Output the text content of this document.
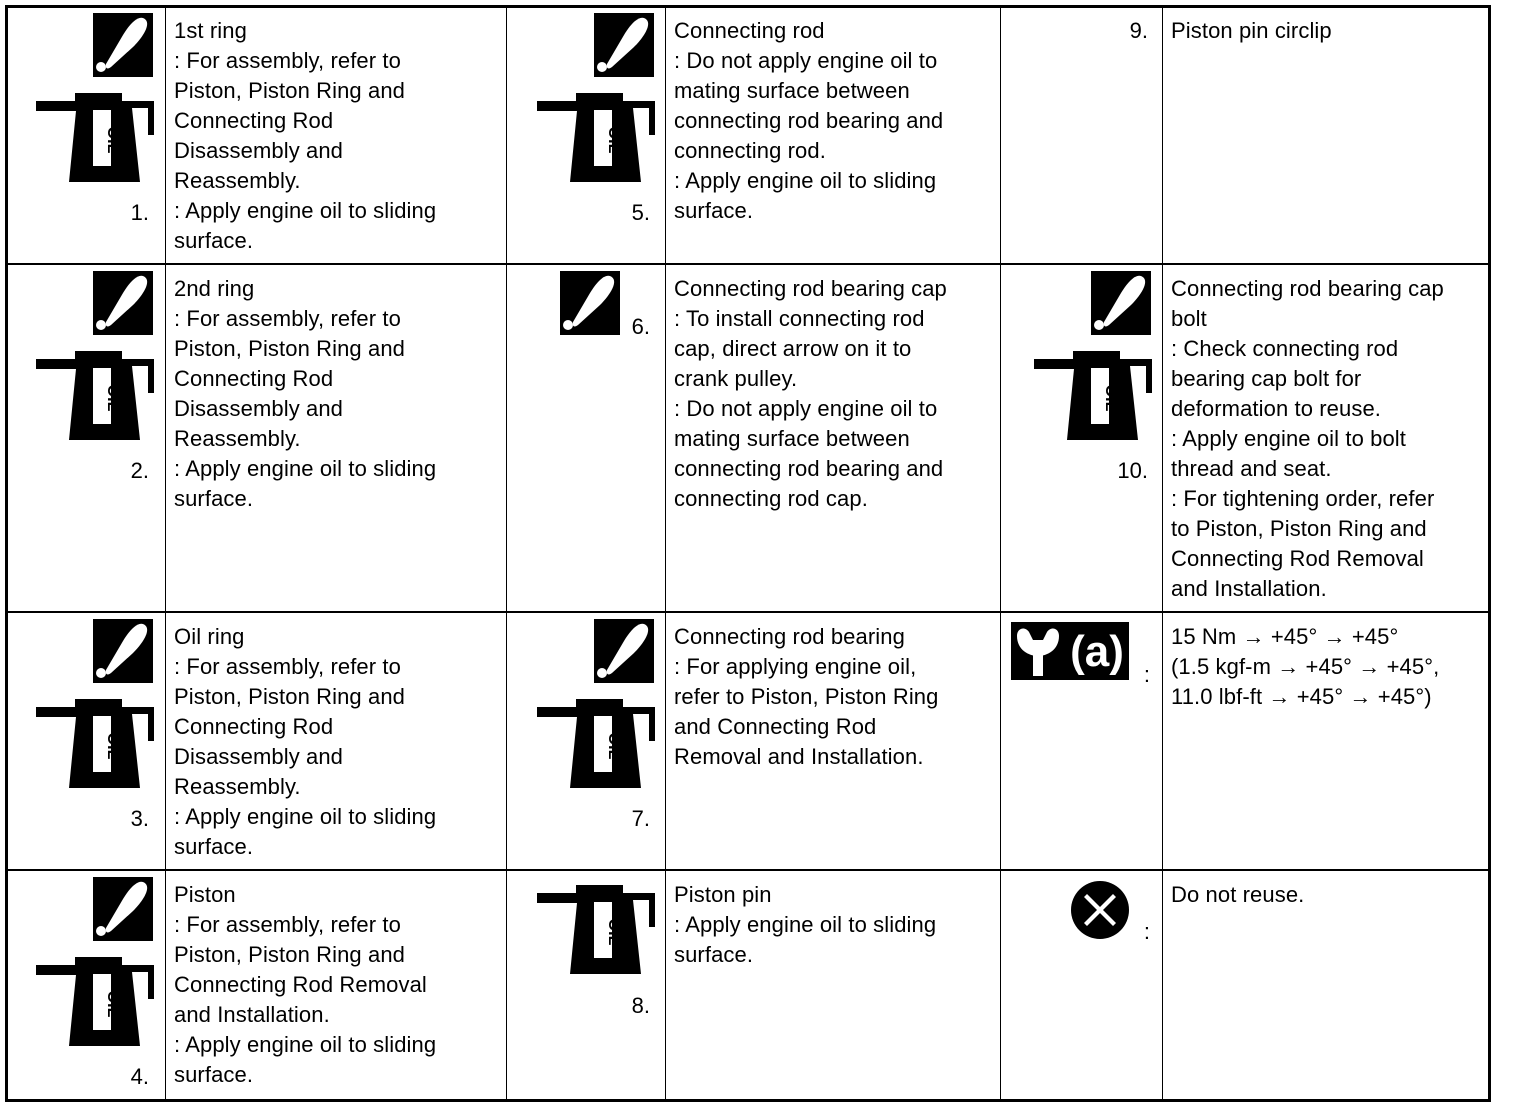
OIL
1.
1st ring
: For assembly, refer to
Piston, Piston Ring and
Connecting Rod
Disassembly and
Reassembly.
: Apply engine oil to sliding
surface.
OIL
2.
2nd ring
: For assembly, refer to
Piston, Piston Ring and
Connecting Rod
Disassembly and
Reassembly.
: Apply engine oil to sliding
surface.
OIL
3.
Oil ring
: For assembly, refer to
Piston, Piston Ring and
Connecting Rod
Disassembly and
Reassembly.
: Apply engine oil to sliding
surface.
OIL
4.
Piston
: For assembly, refer to
Piston, Piston Ring and
Connecting Rod Removal
and Installation.
: Apply engine oil to sliding
surface.
OIL
5.
Connecting rod
: Do not apply engine oil to
mating surface between
connecting rod bearing and
connecting rod.
: Apply engine oil to sliding
surface.
6.
Connecting rod bearing cap
: To install connecting rod
cap, direct arrow on it to
crank pulley.
: Do not apply engine oil to
mating surface between
connecting rod bearing and
connecting rod cap.
OIL
7.
Connecting rod bearing
: For applying engine oil,
refer to Piston, Piston Ring
and Connecting Rod
Removal and Installation.
OIL
8.
Piston pin
: Apply engine oil to sliding
surface.
9. Piston pin circlip
OIL
10.
Connecting rod bearing cap
bolt
: Check connecting rod
bearing cap bolt for
deformation to reuse.
: Apply engine oil to bolt
thread and seat.
: For tightening order, refer
to Piston, Piston Ring and
Connecting Rod Removal
and Installation.
(a) :
15 Nm → +45° → +45°
(1.5 kgf-m → +45° → +45°,
11.0 lbf-ft → +45° → +45°)
:
Do not reuse.
